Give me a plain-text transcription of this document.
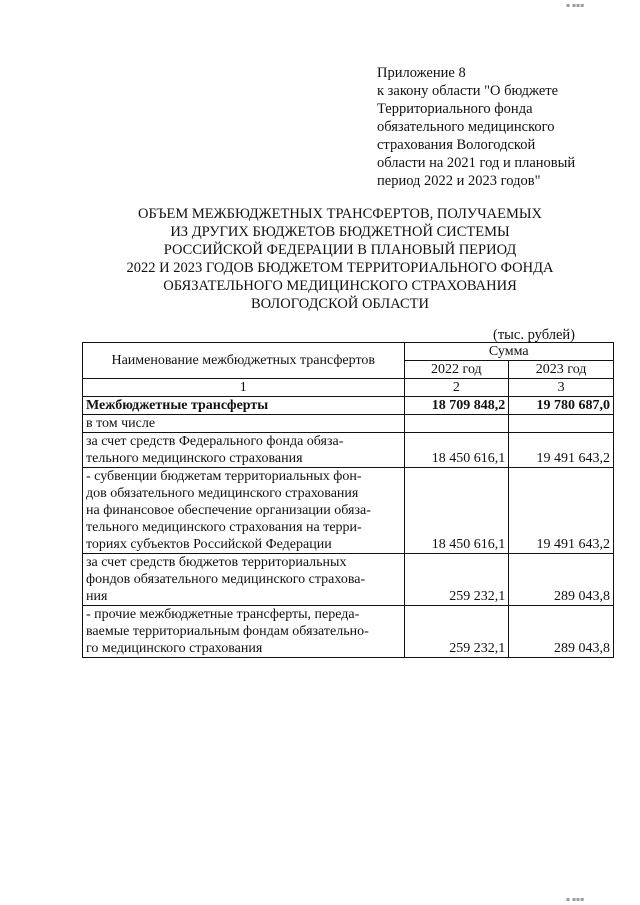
▪ ▪▪▪
▪ ▪▪▪
Приложение 8
к закону области "О бюджете
Территориального фонда
обязательного медицинского
страхования Вологодской
области на 2021 год и плановый
период 2022 и 2023 годов"
ОБЪЕМ МЕЖБЮДЖЕТНЫХ ТРАНСФЕРТОВ, ПОЛУЧАЕМЫХ
ИЗ ДРУГИХ БЮДЖЕТОВ БЮДЖЕТНОЙ СИСТЕМЫ
РОССИЙСКОЙ ФЕДЕРАЦИИ В ПЛАНОВЫЙ ПЕРИОД
2022 И 2023 ГОДОВ БЮДЖЕТОМ ТЕРРИТОРИАЛЬНОГО ФОНДА
ОБЯЗАТЕЛЬНОГО МЕДИЦИНСКОГО СТРАХОВАНИЯ
ВОЛОГОДСКОЙ ОБЛАСТИ
(тыс. рублей)
Наименование межбюджетных трансфертов	Сумма	
	2022 год	2023 год
1	2	3

Межбюджетные трансферты	18 709 848,2	19 780 687,0

в том числе		

за счет средств Федерального фонда обяза-
тельного медицинского страхования	18 450 616,1	19 491 643,2

- субвенции бюджетам территориальных фон-
дов обязательного медицинского страхования
на финансовое обеспечение организации обяза-
тельного медицинского страхования на терри-
ториях субъектов Российской Федерации	18 450 616,1	19 491 643,2

за счет средств бюджетов территориальных
фондов обязательного медицинского страхова-
ния	259 232,1	289 043,8

- прочие межбюджетные трансферты, переда-
ваемые территориальным фондам обязательно-
го медицинского страхования	259 232,1	289 043,8
